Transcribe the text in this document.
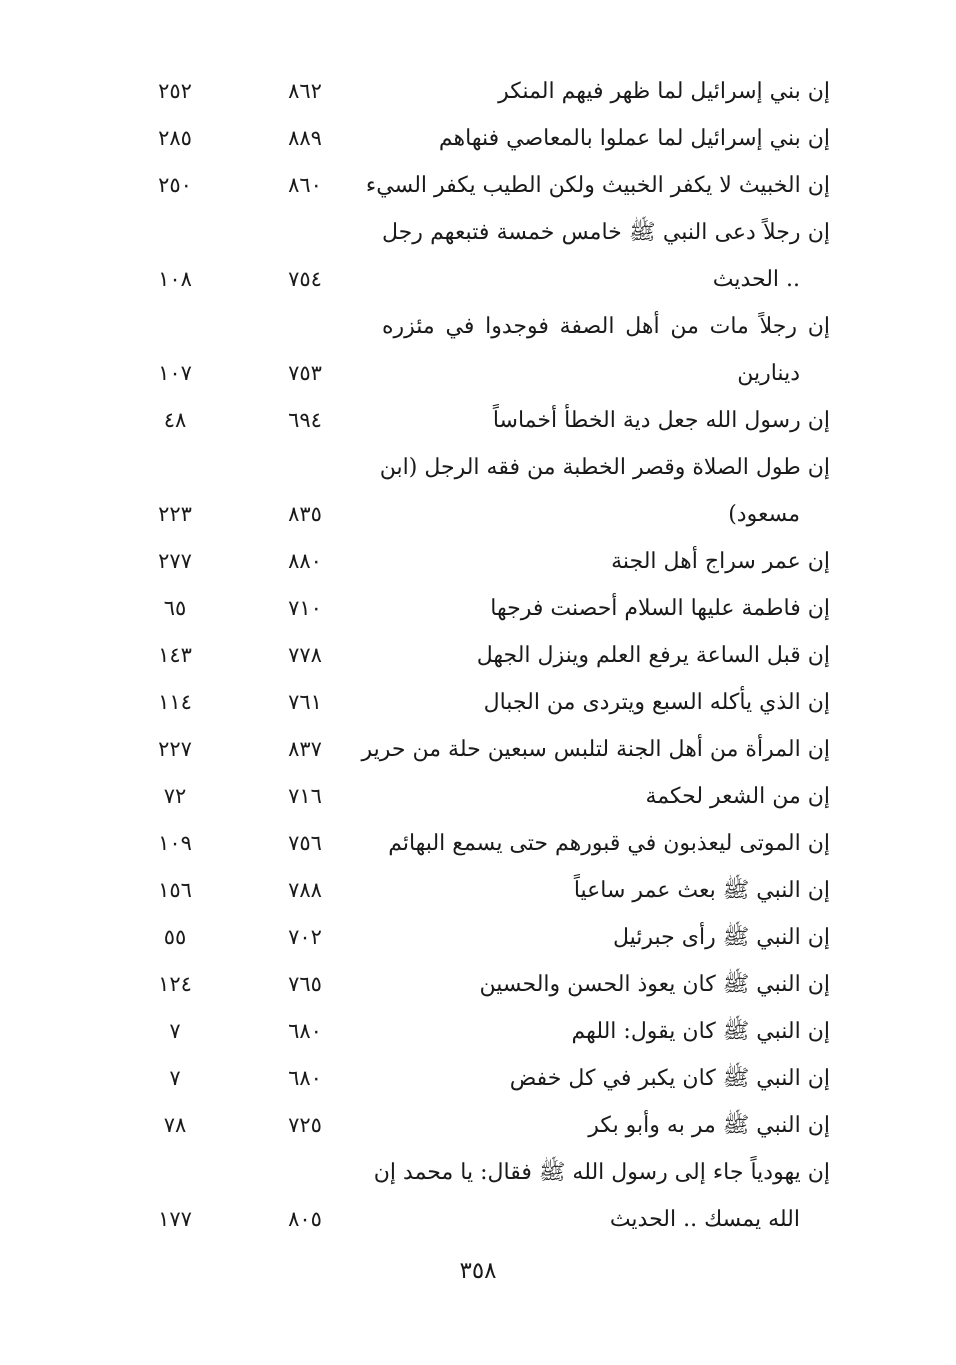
إن بني إسرائيل لما ظهر فيهم المنكر
٨٦٢
٢٥٢
إن بني إسرائيل لما عملوا بالمعاصي فنهاهم
٨٨٩
٢٨٥
إن الخبيث لا يكفر الخبيث ولكن الطيب يكفر السيء
٨٦٠
٢٥٠
إن رجلاً دعى النبي ﷺ خامس خمسة فتبعهم رجل
.. الحديث
٧٥٤
١٠٨
إن رجلاً مات من أهل الصفة فوجدوا في مئزره
دينارين
٧٥٣
١٠٧
إن رسول الله جعل دية الخطأ أخماساً
٦٩٤
٤٨
إن طول الصلاة وقصر الخطبة من فقه الرجل (ابن
مسعود)
٨٣٥
٢٢٣
إن عمر سراج أهل الجنة
٨٨٠
٢٧٧
إن فاطمة عليها السلام أحصنت فرجها
٧١٠
٦٥
إن قبل الساعة يرفع العلم وينزل الجهل
٧٧٨
١٤٣
إن الذي يأكله السبع ويتردى من الجبال
٧٦١
١١٤
إن المرأة من أهل الجنة لتلبس سبعين حلة من حرير
٨٣٧
٢٢٧
إن من الشعر لحكمة
٧١٦
٧٢
إن الموتى ليعذبون في قبورهم حتى يسمع البهائم
٧٥٦
١٠٩
إن النبي ﷺ بعث عمر ساعياً
٧٨٨
١٥٦
إن النبي ﷺ رأى جبرئيل
٧٠٢
٥٥
إن النبي ﷺ كان يعوذ الحسن والحسين
٧٦٥
١٢٤
إن النبي ﷺ كان يقول: اللهم
٦٨٠
٧
إن النبي ﷺ كان يكبر في كل خفض
٦٨٠
٧
إن النبي ﷺ مر به وأبو بكر
٧٢٥
٧٨
إن يهودياً جاء إلى رسول الله ﷺ فقال: يا محمد إن
الله يمسك .. الحديث
٨٠٥
١٧٧
٣٥٨
